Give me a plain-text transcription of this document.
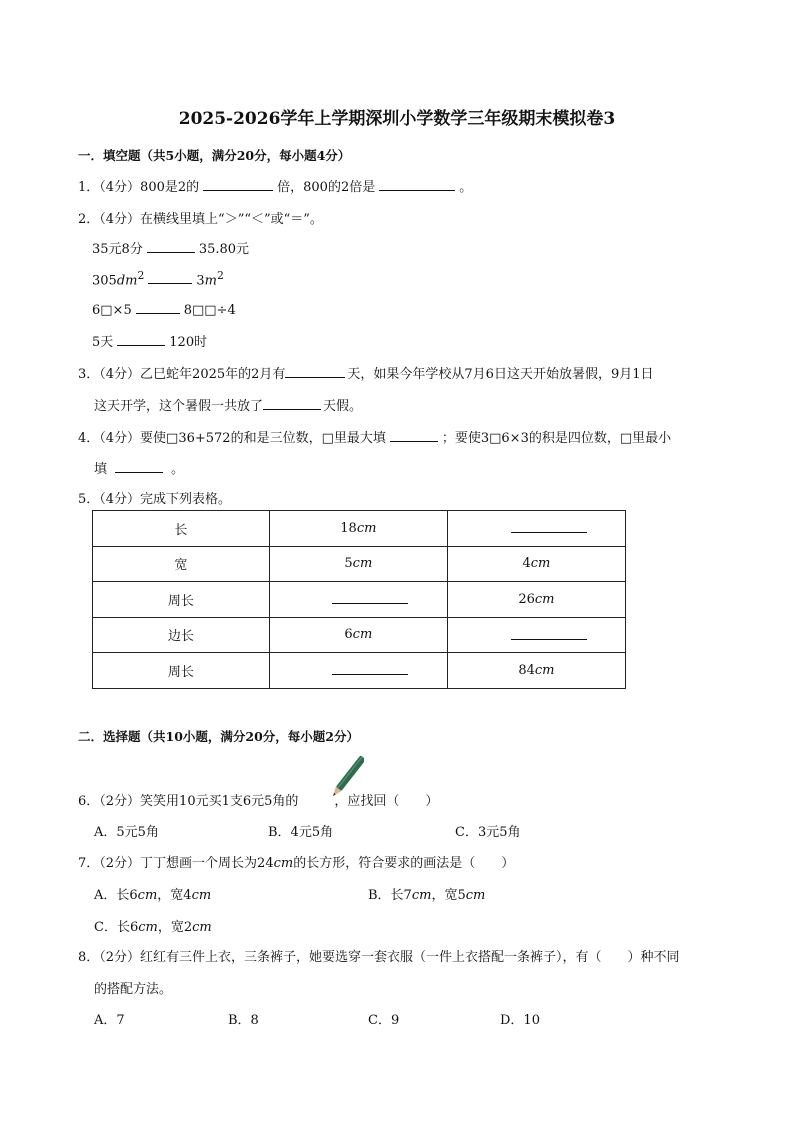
2025-2026学年上学期深圳小学数学三年级期末模拟卷3
一．填空题（共5小题，满分20分，每小题4分）
1．（4分）800是2的	倍，800的2倍是	。
2．（4分）在横线里填上“＞”“＜”或“＝”。
35元8分	35.80元
$305dm^2$	$3m^2$
6□×5	8□□÷4
5天	120时
3．（4分）乙巳蛇年2025年的2月有	天，如果今年学校从7月6日这天开始放暑假，9月1日
这天开学，这个暑假一共放了	天假。
4．（4分）要使□36+572的和是三位数，□里最大填	；要使3□6×3的积是四位数，□里最小
填	。
5．（4分）完成下列表格。
长	18cm	
宽	5cm	4cm
周长		26cm
边长	6cm	
周长		84cm
二．选择题（共10小题，满分20分，每小题2分）
6．（2分）笑笑用10元买1支6元5角的	，应找回（　　）
A．5元5角	B．4元5角	C．3元5角
7．（2分）丁丁想画一个周长为24cm的长方形，符合要求的画法是（　　）
A．长6cm，宽4cm	B．长7cm，宽5cm
C．长6cm，宽2cm
8．（2分）红红有三件上衣，三条裤子，她要选穿一套衣服（一件上衣搭配一条裤子），有（　　）种不同
的搭配方法。
A．7	B．8	C．9	D．10
